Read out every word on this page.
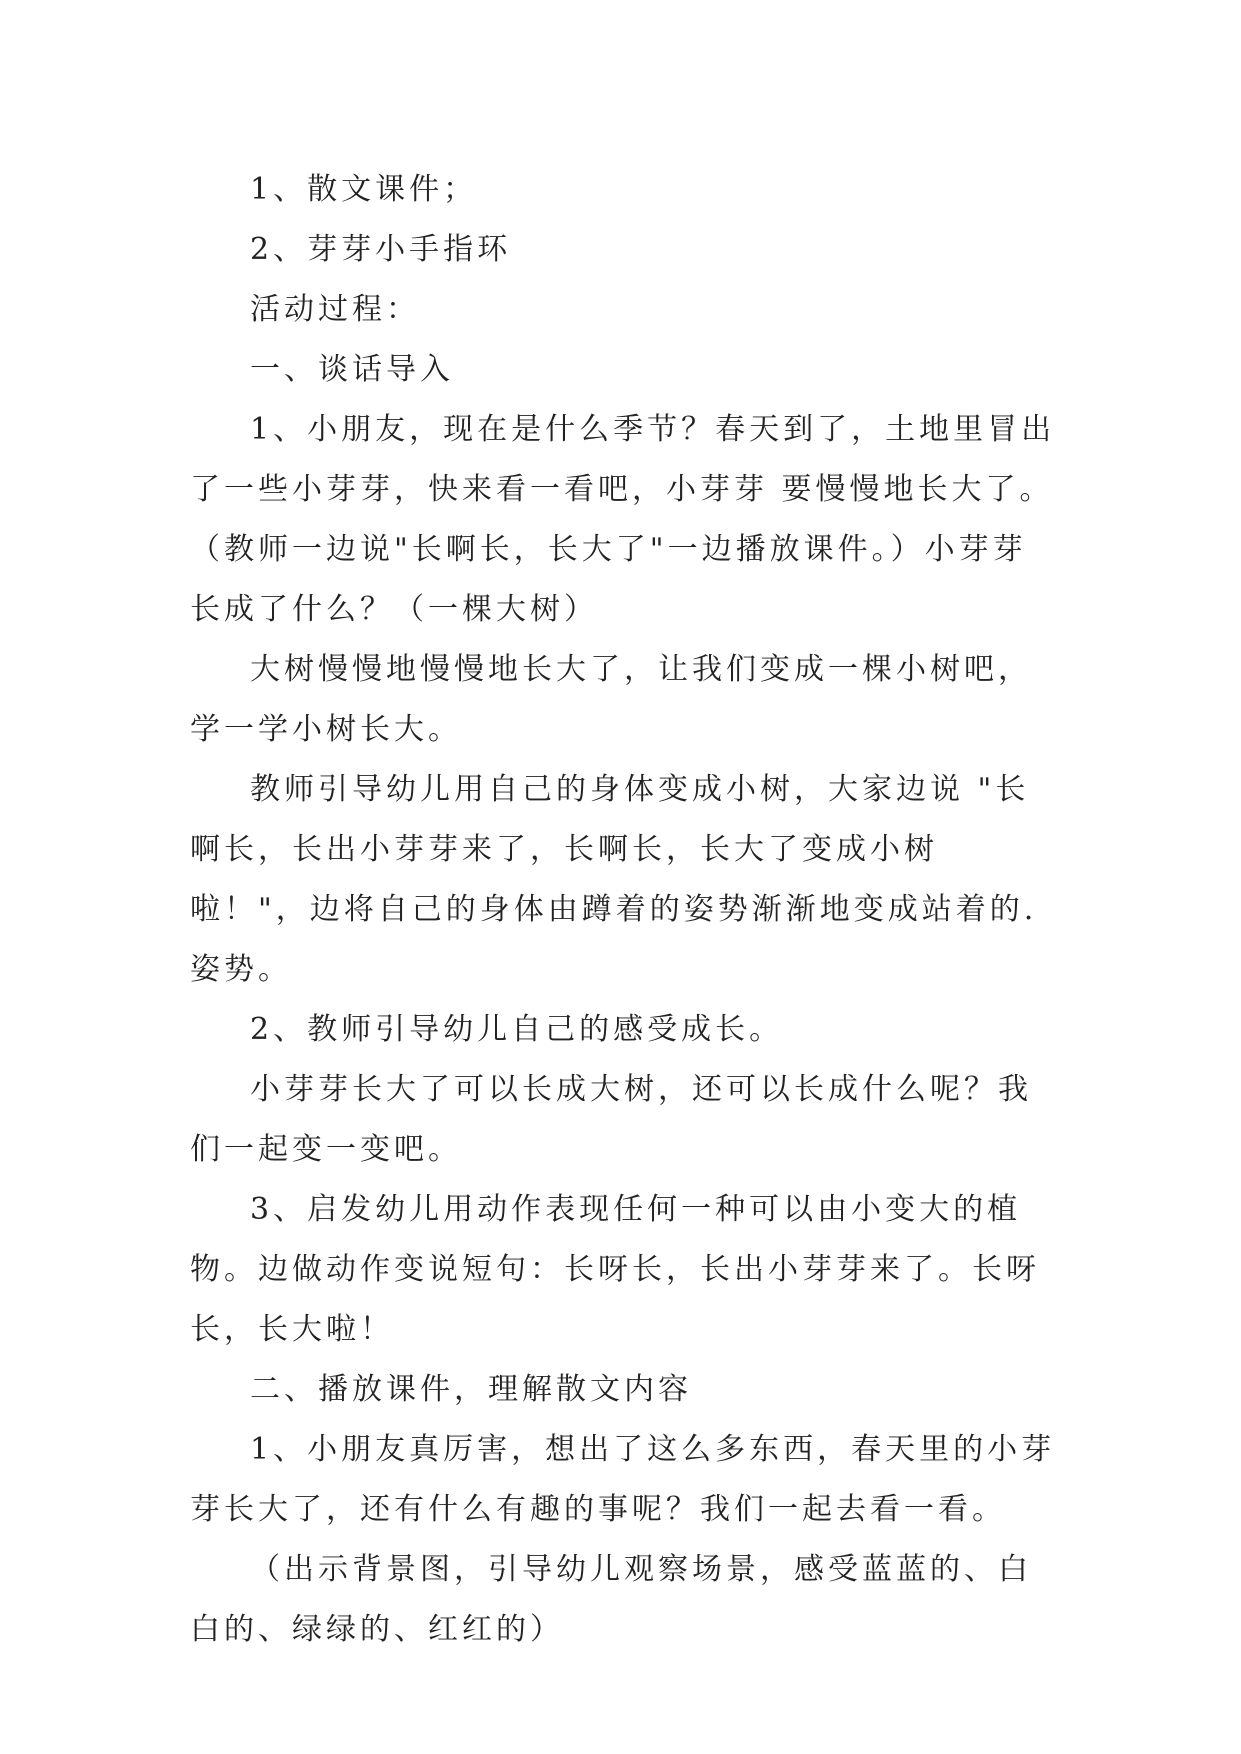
1、散文课件；

2、芽芽小手指环

活动过程：

一、谈话导入

1、小朋友，现在是什么季节？春天到了，土地里冒出了一些小芽芽，快来看一看吧，小芽芽 要慢慢地长大了。（教师一边说"长啊长，长大了"一边播放课件。）小芽芽长成了什么？（一棵大树）

大树慢慢地慢慢地长大了，让我们变成一棵小树吧，学一学小树长大。

教师引导幼儿用自己的身体变成小树，大家边说 "长啊长，长出小芽芽来了，长啊长，长大了变成小树啦！"，边将自己的身体由蹲着的姿势渐渐地变成站着的.姿势。

2、教师引导幼儿自己的感受成长。

小芽芽长大了可以长成大树，还可以长成什么呢？我们一起变一变吧。

3、启发幼儿用动作表现任何一种可以由小变大的植物。边做动作变说短句：长呀长，长出小芽芽来了。长呀长，长大啦！

二、播放课件，理解散文内容

1、小朋友真厉害，想出了这么多东西，春天里的小芽芽长大了，还有什么有趣的事呢？我们一起去看一看。

（出示背景图，引导幼儿观察场景，感受蓝蓝的、白白的、绿绿的、红红的）
